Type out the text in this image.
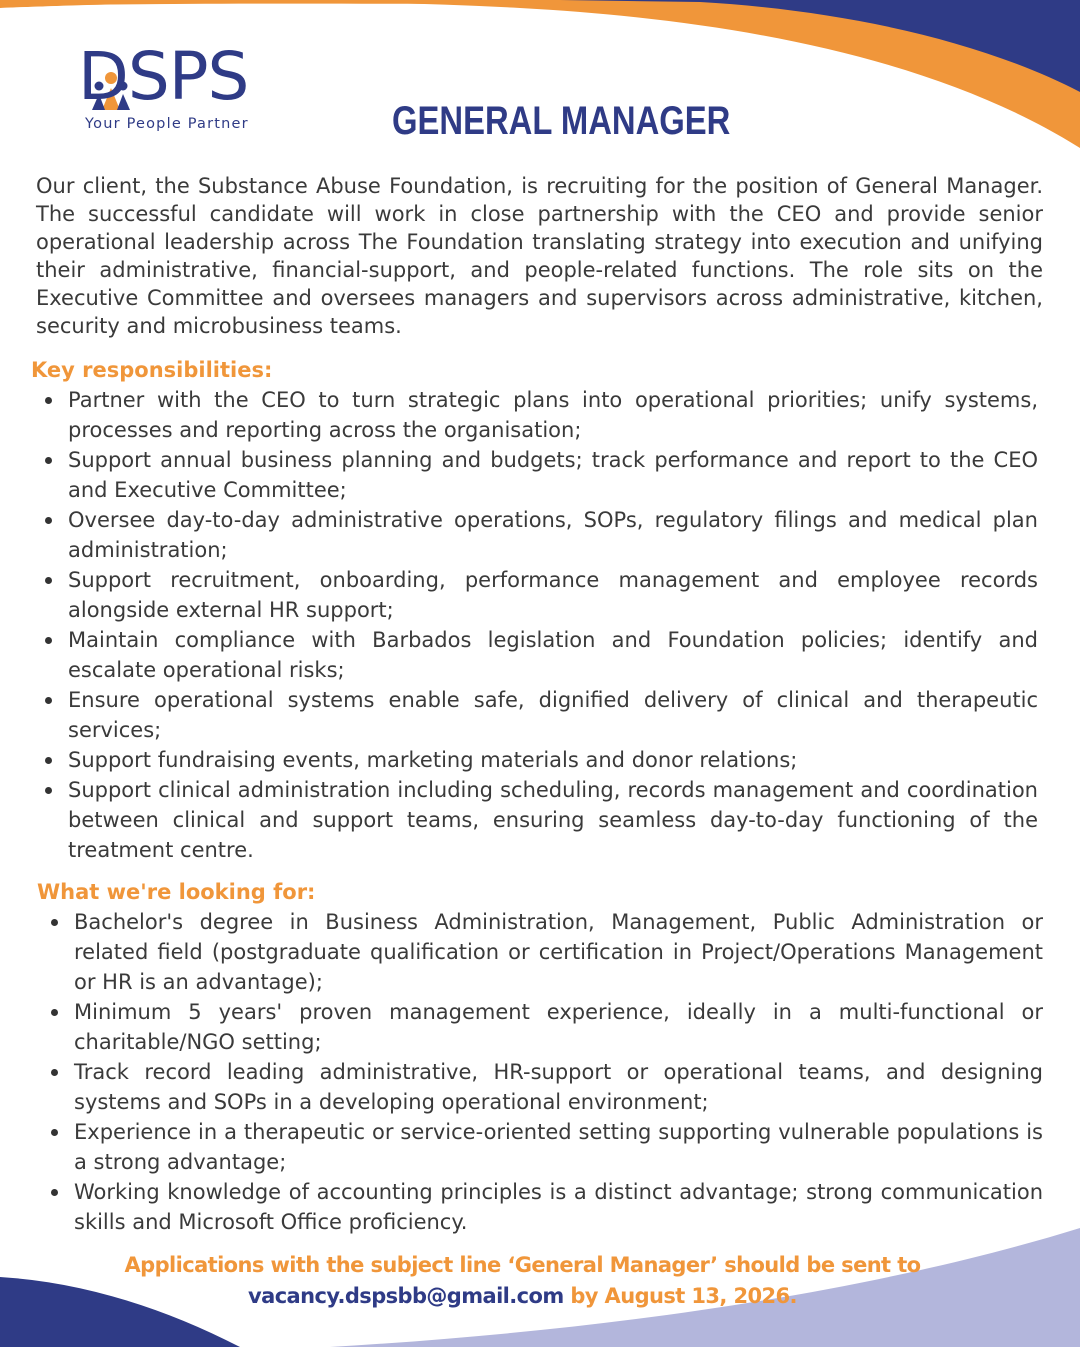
DSPS
Your People Partner	GENERAL MANAGER

Our client, the Substance Abuse Foundation, is recruiting for the position of General Manager. The successful candidate will work in close partnership with the CEO and provide senior operational leadership across The Foundation translating strategy into execution and unifying their administrative, financial-support, and people-related functions. The role sits on the Executive Committee and oversees managers and supervisors across administrative, kitchen, security and microbusiness teams.

Key responsibilities:
Partner with the CEO to turn strategic plans into operational priorities; unify systems, processes and reporting across the organisation;
Support annual business planning and budgets; track performance and report to the CEO and Executive Committee;
Oversee day-to-day administrative operations, SOPs, regulatory filings and medical plan administration;
Support recruitment, onboarding, performance management and employee records alongside external HR support;
Maintain compliance with Barbados legislation and Foundation policies; identify and escalate operational risks;
Ensure operational systems enable safe, dignified delivery of clinical and therapeutic services;
Support fundraising events, marketing materials and donor relations;
Support clinical administration including scheduling, records management and coordination between clinical and support teams, ensuring seamless day-to-day functioning of the treatment centre.
What we're looking for:
Bachelor's degree in Business Administration, Management, Public Administration or related field (postgraduate qualification or certification in Project/Operations Management or HR is an advantage);
Minimum 5 years' proven management experience, ideally in a multi-functional or charitable/NGO setting;
Track record leading administrative, HR-support or operational teams, and designing systems and SOPs in a developing operational environment;
Experience in a therapeutic or service-oriented setting supporting vulnerable populations is a strong advantage;
Working knowledge of accounting principles is a distinct advantage; strong communication skills and Microsoft Office proficiency.

Applications with the subject line ‘General Manager’ should be sent to

vacancy.dspsbb@gmail.com by August 13, 2026.
